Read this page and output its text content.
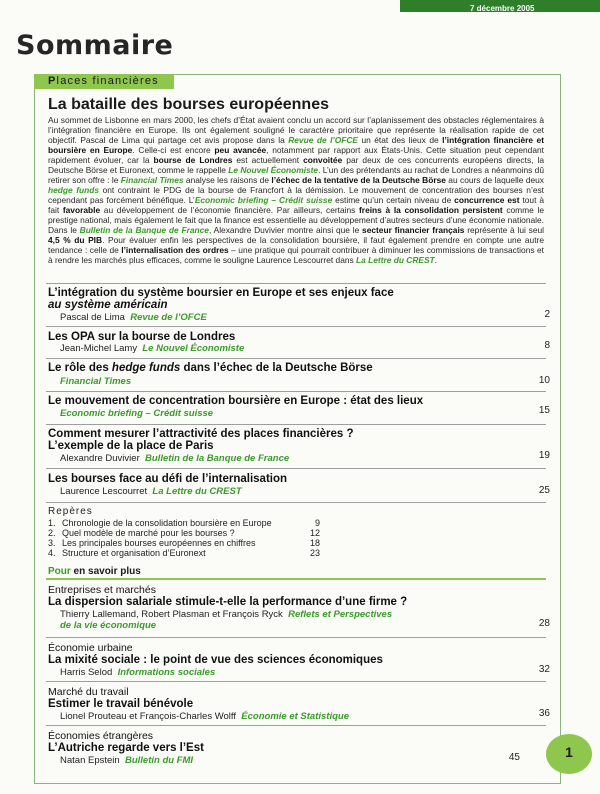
7 décembre 2005
Sommaire
Places financières
La bataille des bourses européennes
Au sommet de Lisbonne en mars 2000, les chefs d’État avaient conclu un accord sur l’aplanissement des obstacles réglementaires à l’intégration financière en Europe. Ils ont également souligné le caractère prioritaire que représente la réalisation rapide de cet objectif. Pascal de Lima qui partage cet avis propose dans la Revue de l’OFCE un état des lieux de l’intégration financière et boursière en Europe. Celle-ci est encore peu avancée, notamment par rapport aux États-Unis. Cette situation peut cependant rapidement évoluer, car la bourse de Londres est actuellement convoitée par deux de ces concurrents européens directs, la Deutsche Börse et Euronext, comme le rappelle Le Nouvel Économiste. L’un des prétendants au rachat de Londres a néanmoins dû retirer son offre : le Financial Times analyse les raisons de l’échec de la tentative de la Deutsche Börse au cours de laquelle deux hedge funds ont contraint le PDG de la bourse de Francfort à la démission. Le mouvement de concentration des bourses n’est cependant pas forcément bénéfique. L’Economic briefing – Crédit suisse estime qu’un certain niveau de concurrence est tout à fait favorable au développement de l’économie financière. Par ailleurs, certains freins à la consolidation persistent comme le prestige national, mais également le fait que la finance est essentielle au développement d’autres secteurs d’une économie nationale. Dans le Bulletin de la Banque de France, Alexandre Duvivier montre ainsi que le secteur financier français représente à lui seul 4,5 % du PIB. Pour évaluer enfin les perspectives de la consolidation boursière, il faut également prendre en compte une autre tendance : celle de l’internalisation des ordres – une pratique qui pourrait contribuer à diminuer les commissions de transactions et à rendre les marchés plus efficaces, comme le souligne Laurence Lescourret dans La Lettre du CREST.
L’intégration du système boursier en Europe et ses enjeux face
au système américain
Pascal de Lima Revue de l’OFCE	2
Les OPA sur la bourse de Londres
Jean-Michel Lamy Le Nouvel Économiste	8
Le rôle des hedge funds dans l’échec de la Deutsche Börse
Financial Times	10
Le mouvement de concentration boursière en Europe : état des lieux
Economic briefing – Crédit suisse	15
Comment mesurer l’attractivité des places financières ?
L’exemple de la place de Paris
Alexandre Duvivier Bulletin de la Banque de France	19
Les bourses face au défi de l’internalisation
Laurence Lescourret La Lettre du CREST	25
Repères
1. Chronologie de la consolidation boursière en Europe	9
2. Quel modèle de marché pour les bourses ?	12
3. Les principales bourses européennes en chiffres	18
4. Structure et organisation d’Euronext	23
Pour en savoir plus
Entreprises et marchés
La dispersion salariale stimule-t-elle la performance d’une firme ?
Thierry Lallemand, Robert Plasman et François Ryck Reflets et Perspectives
de la vie économique	28
Économie urbaine
La mixité sociale : le point de vue des sciences économiques
Harris Selod Informations sociales	32
Marché du travail
Estimer le travail bénévole
Lionel Prouteau et François-Charles Wolff Économie et Statistique	36
Économies étrangères
L’Autriche regarde vers l’Est
Natan Epstein Bulletin du FMI	45	1
